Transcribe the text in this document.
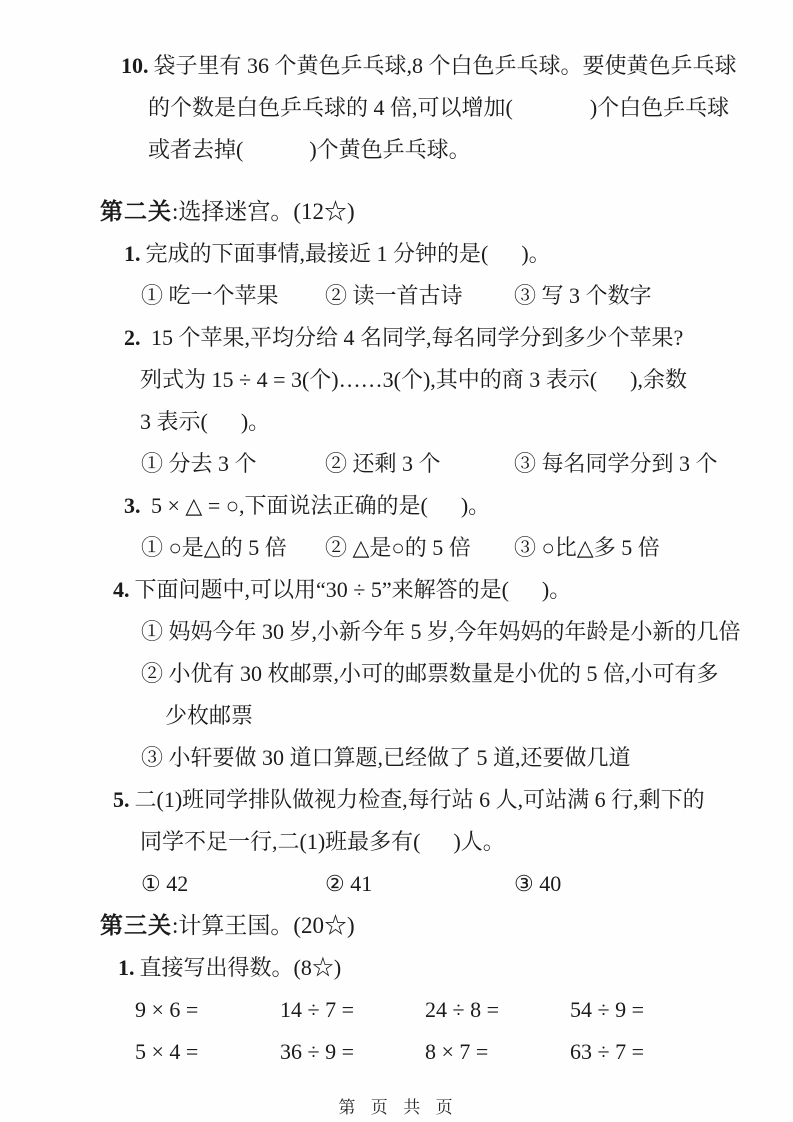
10. 袋子里有 36 个黄色乒乓球,8 个白色乒乓球。要使黄色乒乓球
的个数是白色乒乓球的 4 倍,可以增加(              )个白色乒乓球
或者去掉(            )个黄色乒乓球。
第二关:选择迷宫。(12☆)
1. 完成的下面事情,最接近 1 分钟的是(      )。
① 吃一个苹果	② 读一首古诗	③ 写 3 个数字
2. 15 个苹果,平均分给 4 名同学,每名同学分到多少个苹果?
列式为 15 ÷ 4 = 3(个)……3(个),其中的商 3 表示(      ),余数
3 表示(      )。
① 分去 3 个	② 还剩 3 个	③ 每名同学分到 3 个
3. 5 × △ = ○,下面说法正确的是(      )。
① ○是△的 5 倍	② △是○的 5 倍	③ ○比△多 5 倍
4. 下面问题中,可以用“30 ÷ 5”来解答的是(      )。
① 妈妈今年 30 岁,小新今年 5 岁,今年妈妈的年龄是小新的几倍
② 小优有 30 枚邮票,小可的邮票数量是小优的 5 倍,小可有多
少枚邮票
③ 小轩要做 30 道口算题,已经做了 5 道,还要做几道
5. 二(1)班同学排队做视力检查,每行站 6 人,可站满 6 行,剩下的
同学不足一行,二(1)班最多有(      )人。
① 42	② 41	③ 40
第三关:计算王国。(20☆)
1. 直接写出得数。(8☆)
9 × 6 =	14 ÷ 7 =	24 ÷ 8 =	54 ÷ 9 =
5 × 4 =	36 ÷ 9 =	8 × 7 =	63 ÷ 7 =
第  页  共  页
